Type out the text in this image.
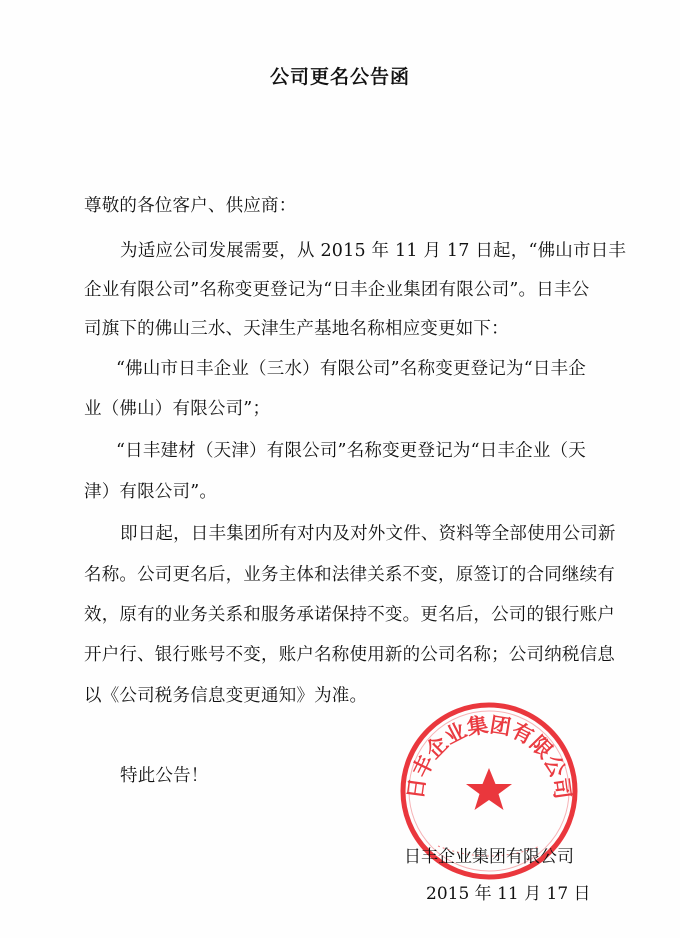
公司更名公告函
尊敬的各位客户、供应商：
为适应公司发展需要，从 2015 年 11 月 17 日起，“佛山市日丰
企业有限公司”名称变更登记为“日丰企业集团有限公司”。日丰公
司旗下的佛山三水、天津生产基地名称相应变更如下：
“佛山市日丰企业（三水）有限公司”名称变更登记为“日丰企
业（佛山）有限公司”；
“日丰建材（天津）有限公司”名称变更登记为“日丰企业（天
津）有限公司”。
即日起，日丰集团所有对内及对外文件、资料等全部使用公司新
名称。公司更名后，业务主体和法律关系不变，原签订的合同继续有
效，原有的业务关系和服务承诺保持不变。更名后，公司的银行账户
开户行、银行账号不变，账户名称使用新的公司名称；公司纳税信息
以《公司税务信息变更通知》为准。
特此公告！
日丰企业集团有限公司
日丰企业集团有限公司
2015 年 11 月 17 日
